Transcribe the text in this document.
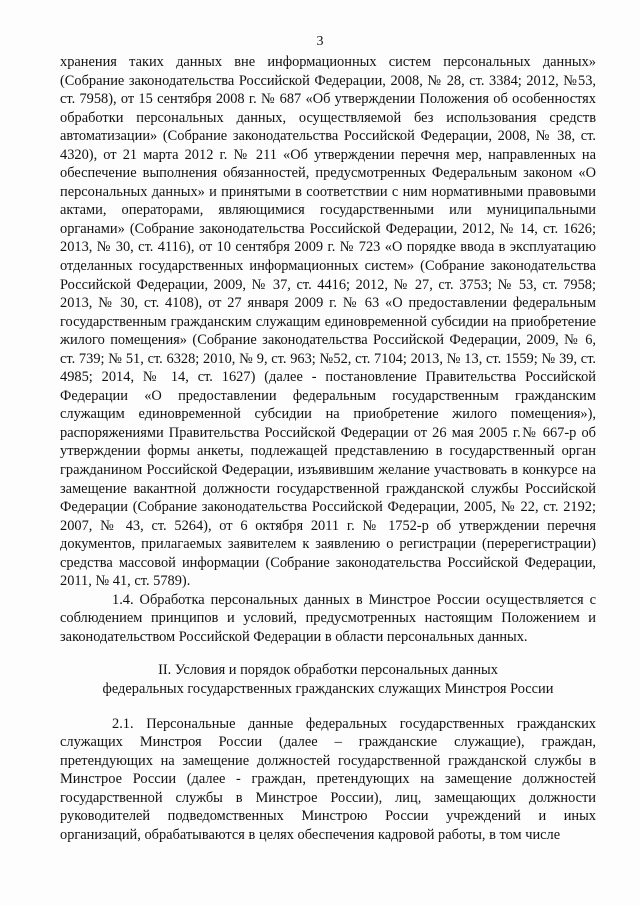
3

хранения таких данных вне информационных систем персональных данных» (Собрание законодательства Российской Федерации, 2008, № 28, ст. 3384; 2012, №53, ст. 7958), от 15 сентября 2008 г. № 687 «Об утверждении Положения об особенностях обработки персональных данных, осуществляемой без использования средств автоматизации» (Собрание законодательства Российской Федерации, 2008, № 38, ст. 4320), от 21 марта 2012 г. № 211 «Об утверждении перечня мер, направленных на обеспечение выполнения обязанностей, предусмотренных Федеральным законом «О персональных данных» и принятыми в соответствии с ним нормативными правовыми актами, операторами, являющимися государственными или муниципальными органами» (Собрание законодательства Российской Федерации, 2012, № 14, ст. 1626; 2013, № 30, ст. 4116), от 10 сентября 2009 г. № 723 «О порядке ввода в эксплуатацию отделанных государственных информационных систем» (Собрание законодательства Российской Федерации, 2009, № 37, ст. 4416; 2012, № 27, ст. 3753; № 53, ст. 7958; 2013, № 30, ст. 4108), от 27 января 2009 г. № 63 «О предоставлении федеральным государственным гражданским служащим единовременной субсидии на приобретение жилого помещения» (Собрание законодательства Российской Федерации, 2009, № 6, ст. 739; № 51, ст. 6328; 2010, № 9, ст. 963; №52, ст. 7104; 2013, № 13, ст. 1559; № 39, ст. 4985; 2014, № 14, ст. 1627) (далее - постановление Правительства Российской Федерации «О предоставлении федеральным государственным гражданским служащим единовременной субсидии на приобретение жилого помещения»), распоряжениями Правительства Российской Федерации от 26 мая 2005 г.№ 667-р об утверждении формы анкеты, подлежащей представлению в государственный орган гражданином Российской Федерации, изъявившим желание участвовать в конкурсе на замещение вакантной должности государственной гражданской службы Российской Федерации (Собрание законодательства Российской Федерации, 2005, № 22, ст. 2192; 2007, № 43, ст. 5264), от 6 октября 2011 г. № 1752-р об утверждении перечня документов, прилагаемых заявителем к заявлению о регистрации (перерегистрации) средства массовой информации (Собрание законодательства Российской Федерации, 2011, № 41, ст. 5789).

1.4. Обработка персональных данных в Минстрое России осуществляется с соблюдением принципов и условий, предусмотренных настоящим Положением и законодательством Российской Федерации в области персональных данных.

II. Условия и порядок обработки персональных данных
федеральных государственных гражданских служащих Минстроя России

2.1. Персональные данные федеральных государственных гражданских служащих Минстроя России (далее – гражданские служащие), граждан, претендующих на замещение должностей государственной гражданской службы в Минстрое России (далее - граждан, претендующих на замещение должностей государственной службы в Минстрое России), лиц, замещающих должности руководителей подведомственных Минстрою России учреждений и иных организаций, обрабатываются в целях обеспечения кадровой работы, в том числе
